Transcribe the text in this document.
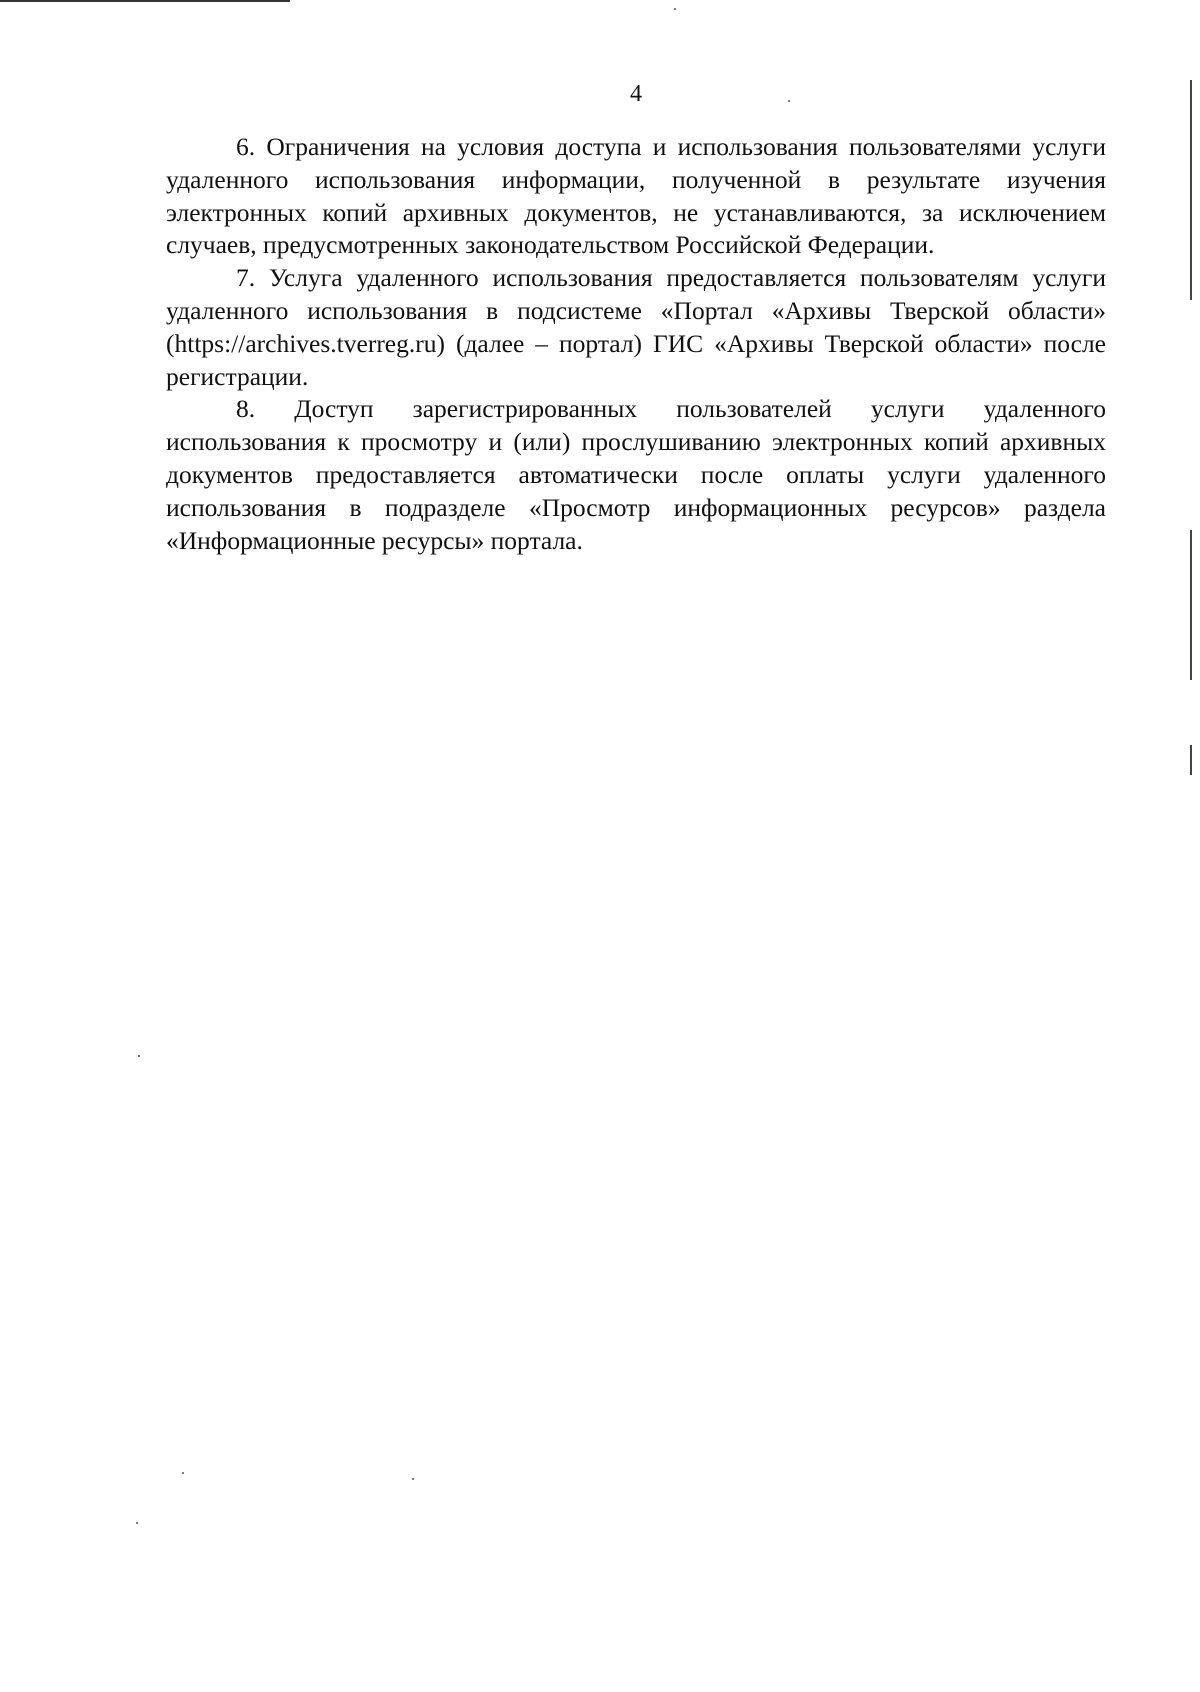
4

6. Ограничения на условия доступа и использования пользователями услуги удаленного использования информации, полученной в результате изучения электронных копий архивных документов, не устанавливаются, за исключением случаев, предусмотренных законодательством Российской Федерации.

7. Услуга удаленного использования предоставляется пользователям услуги удаленного использования в подсистеме «Портал «Архивы Тверской области» (https://archives.tverreg.ru) (далее – портал) ГИС «Архивы Тверской области» после регистрации.

8. Доступ зарегистрированных пользователей услуги удаленного использования к просмотру и (или) прослушиванию электронных копий архивных документов предоставляется автоматически после оплаты услуги удаленного использования в подразделе «Просмотр информационных ресурсов» раздела «Информационные ресурсы» портала.
